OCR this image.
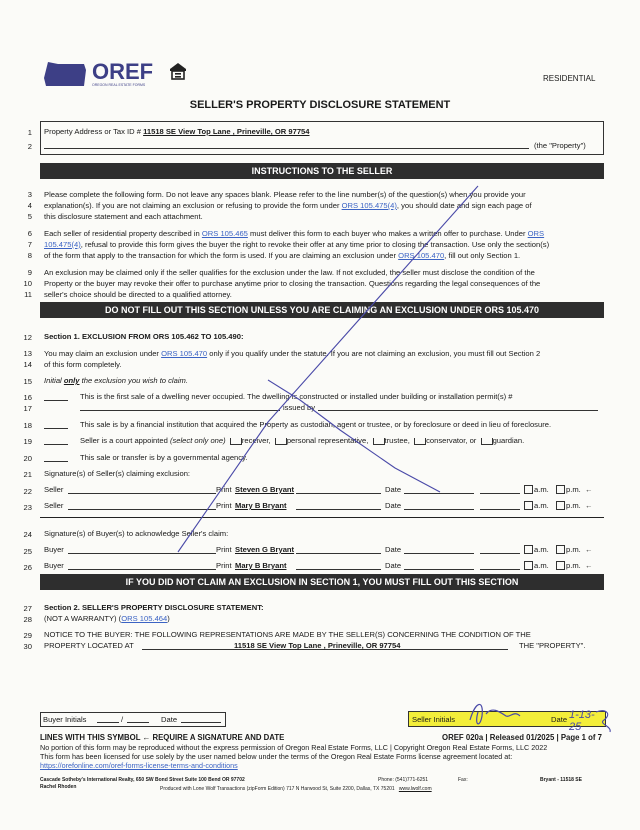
OREF
OREGON REAL ESTATE FORMS
RESIDENTIAL
SELLER'S PROPERTY DISCLOSURE STATEMENT
1
2
Property Address or Tax ID # 11518 SE View Top Lane , Prineville, OR 97754
(the "Property")
INSTRUCTIONS TO THE SELLER
3
4
5
Please complete the following form. Do not leave any spaces blank. Please refer to the line number(s) of the question(s) when you provide your
explanation(s). If you are not claiming an exclusion or refusing to provide the form under ORS 105.475(4), you should date and sign each page of
this disclosure statement and each attachment.
6
7
8
Each seller of residential property described in ORS 105.465 must deliver this form to each buyer who makes a written offer to purchase. Under ORS
105.475(4), refusal to provide this form gives the buyer the right to revoke their offer at any time prior to closing the transaction. Use only the section(s)
of the form that apply to the transaction for which the form is used. If you are claiming an exclusion under ORS 105.470, fill out only Section 1.
9
10
11
An exclusion may be claimed only if the seller qualifies for the exclusion under the law. If not excluded, the seller must disclose the condition of the
Property or the buyer may revoke their offer to purchase anytime prior to closing the transaction. Questions regarding the legal consequences of the
seller's choice should be directed to a qualified attorney.
DO NOT FILL OUT THIS SECTION UNLESS YOU ARE CLAIMING AN EXCLUSION UNDER ORS 105.470
12 Section 1. EXCLUSION FROM ORS 105.462 TO 105.490:
13
14
You may claim an exclusion under ORS 105.470 only if you qualify under the statute. If you are not claiming an exclusion, you must fill out Section 2
of this form completely.
15 Initial only the exclusion you wish to claim.
16
17
This is the first sale of a dwelling never occupied. The dwelling is constructed or installed under building or installation permit(s) #
issued by
18	This sale is by a financial institution that acquired the Property as custodian, agent or trustee, or by foreclosure or deed in lieu of foreclosure.
19	Seller is a court appointed (select only one) receiver, personal representative, trustee, conservator, or guardian.
20	This sale or transfer is by a governmental agency.
21 Signature(s) of Seller(s) claiming exclusion:
22 Seller	Print Steven G Bryant	Date	a.m. p.m. ←
23 Seller	Print Mary B Bryant	Date	a.m. p.m. ←
24 Signature(s) of Buyer(s) to acknowledge Seller's claim:
25 Buyer	Print Steven G Bryant	Date	a.m. p.m. ←
26 Buyer	Print Mary B Bryant	Date	a.m. p.m. ←
IF YOU DID NOT CLAIM AN EXCLUSION IN SECTION 1, YOU MUST FILL OUT THIS SECTION
27 Section 2. SELLER'S PROPERTY DISCLOSURE STATEMENT:
28 (NOT A WARRANTY) (ORS 105.464)
29 NOTICE TO THE BUYER: THE FOLLOWING REPRESENTATIONS ARE MADE BY THE SELLER(S) CONCERNING THE CONDITION OF THE
30 PROPERTY LOCATED AT	11518 SE View Top Lane , Prineville, OR 97754	THE "PROPERTY".
Buyer Initials	/	Date	Seller Initials	Date 1-13-25
LINES WITH THIS SYMBOL ← REQUIRE A SIGNATURE AND DATE	OREF 020a | Released 01/2025 | Page 1 of 7
No portion of this form may be reproduced without the express permission of Oregon Real Estate Forms, LLC | Copyright Oregon Real Estate Forms, LLC 2022
This form has been licensed for use solely by the user named below under the terms of the Oregon Real Estate Forms license agreement located at:
https://orefonline.com/oref-forms-license-terms-and-conditions
Cascade Sotheby's International Realty, 650 SW Bond Street Suite 100 Bend OR 97702
Rachel Rhoden
Phone: (541)771-6251	Fax:	Bryant - 11518 SE
Produced with Lone Wolf Transactions (zipForm Edition) 717 N Harwood St, Suite 2200, Dallas, TX 75201 www.lwolf.com
